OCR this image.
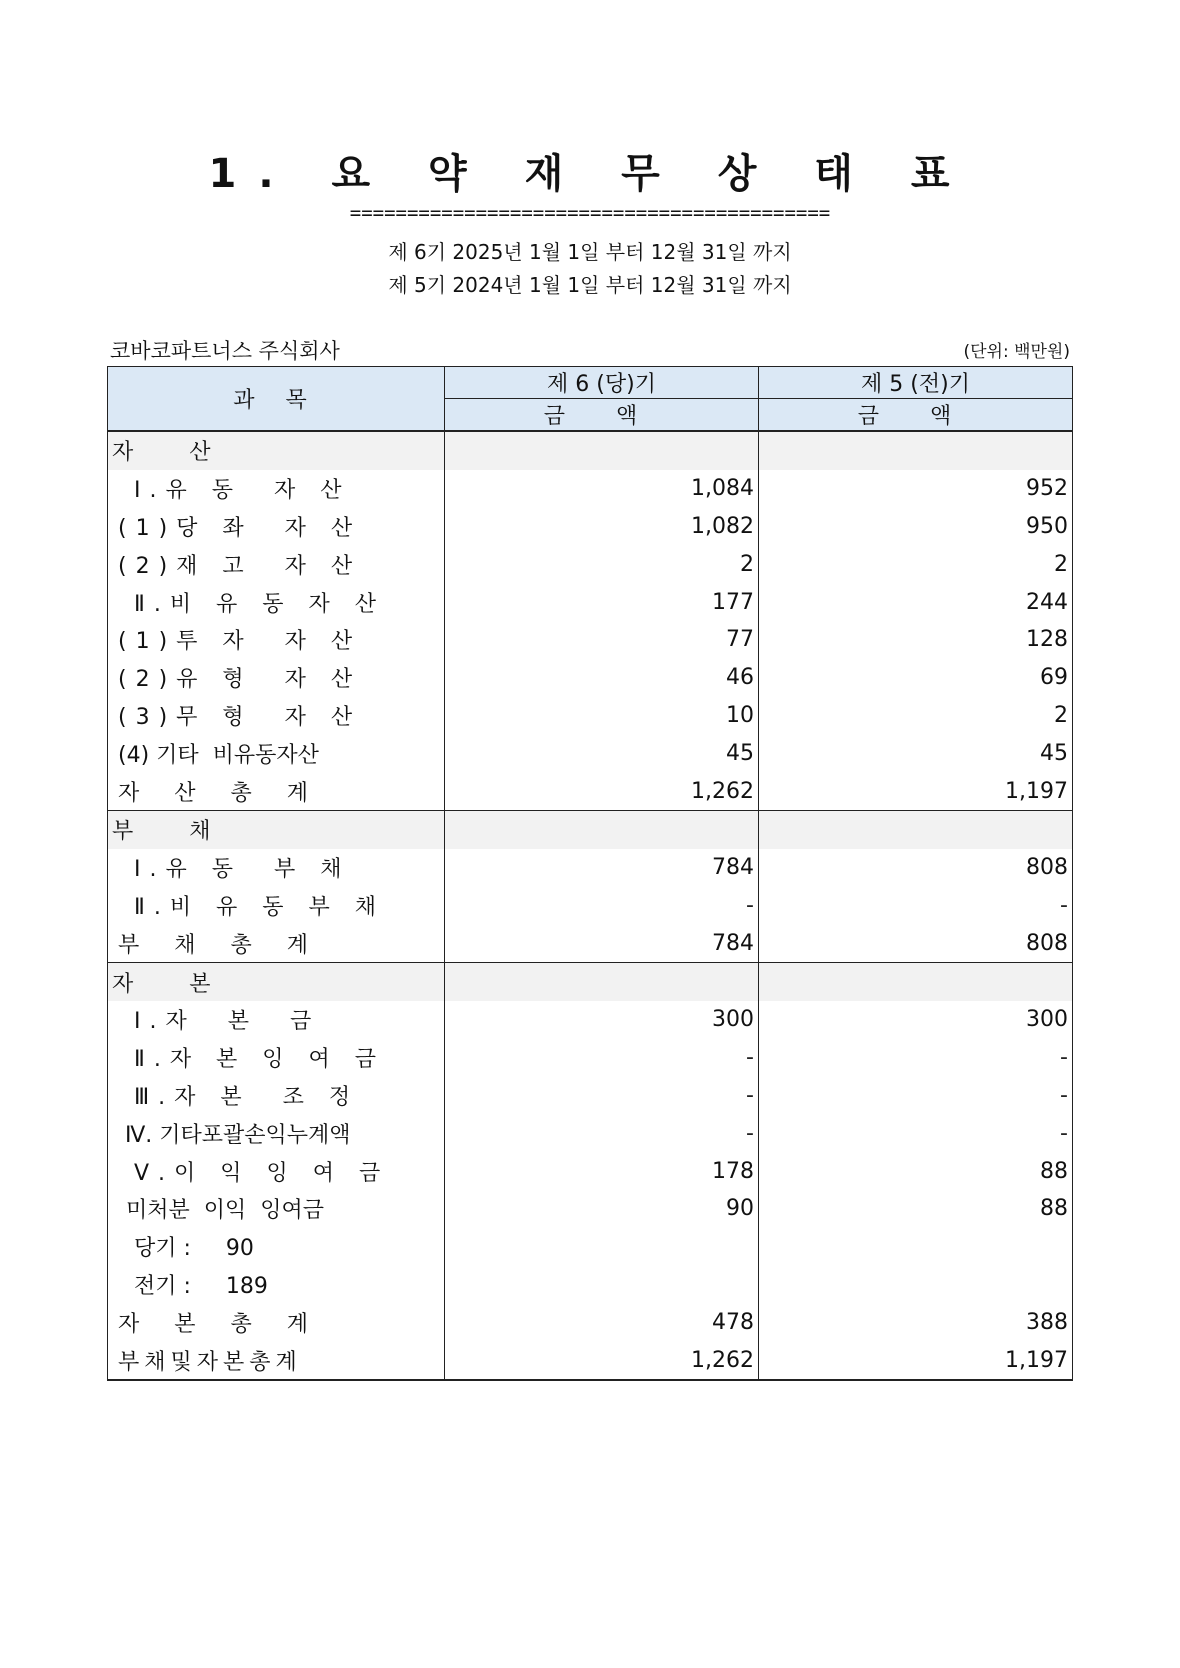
1. 요 약 재 무 상 태 표
==========================================
제 6기 2025년 1월 1일 부터 12월 31일 까지
제 5기 2024년 1월 1일 부터 12월 31일 까지
코바코파트너스 주식회사	(단위: 백만원)
과 목	제 6 (당)기	제 5 (전)기
	금 액	금 액
자        산		
Ⅰ.유 동  자 산	1,084	952
(1)당 좌  자 산	1,082	950
(2)재 고  자 산	2	2
Ⅱ.비 유 동 자 산	177	244
(1)투 자  자 산	77	128
(2)유 형  자 산	46	69
(3)무 형  자 산	10	2
(4) 기타  비유동자산	45	45
자 산 총 계	1,262	1,197
부        채		
Ⅰ.유 동  부 채	784	808
Ⅱ.비 유 동 부 채	-	-
부 채 총 계	784	808
자        본		
Ⅰ.자  본  금	300	300
Ⅱ.자 본 잉 여 금	-	-
Ⅲ.자 본  조 정	-	-
Ⅳ. 기타포괄손익누계액	-	-
Ⅴ.이 익 잉 여 금	178	88
미처분  이익  잉여금	90	88
당기 :     90		
전기 :     189		
자 본 총 계	478	388
부채및자본총계	1,262	1,197
